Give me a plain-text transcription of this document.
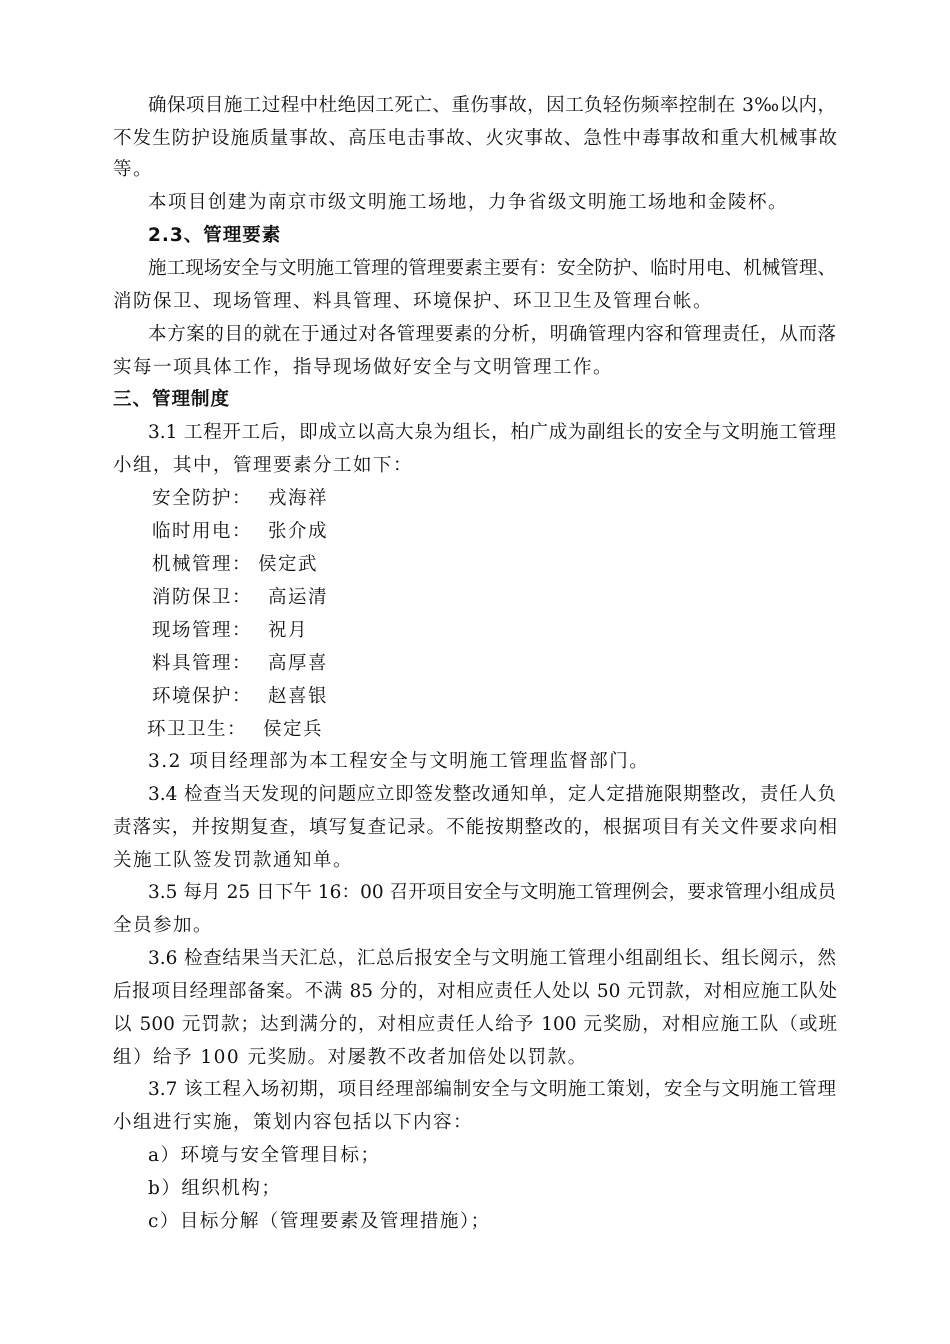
确保项目施工过程中杜绝因工死亡、重伤事故，因工负轻伤频率控制在 3‰以内，
不发生防护设施质量事故、高压电击事故、火灾事故、急性中毒事故和重大机械事故
等。
本项目创建为南京市级文明施工场地，力争省级文明施工场地和金陵杯。
2.3、管理要素
施工现场安全与文明施工管理的管理要素主要有：安全防护、临时用电、机械管理、
消防保卫、现场管理、料具管理、环境保护、环卫卫生及管理台帐。
本方案的目的就在于通过对各管理要素的分析，明确管理内容和管理责任，从而落
实每一项具体工作，指导现场做好安全与文明管理工作。
三、管理制度
3.1 工程开工后，即成立以高大泉为组长，柏广成为副组长的安全与文明施工管理
小组，其中，管理要素分工如下：
安全防护： 戎海祥
临时用电： 张介成
机械管理： 侯定武
消防保卫： 高运清
现场管理： 祝月
料具管理： 高厚喜
环境保护： 赵喜银
环卫卫生： 侯定兵
3.2 项目经理部为本工程安全与文明施工管理监督部门。
3.4 检查当天发现的问题应立即签发整改通知单，定人定措施限期整改，责任人负
责落实，并按期复查，填写复查记录。不能按期整改的，根据项目有关文件要求向相
关施工队签发罚款通知单。
3.5 每月 25 日下午 16：00 召开项目安全与文明施工管理例会，要求管理小组成员
全员参加。
3.6 检查结果当天汇总，汇总后报安全与文明施工管理小组副组长、组长阅示，然
后报项目经理部备案。不满 85 分的，对相应责任人处以 50 元罚款，对相应施工队处
以 500 元罚款；达到满分的，对相应责任人给予 100 元奖励，对相应施工队（或班
组）给予 100 元奖励。对屡教不改者加倍处以罚款。
3.7 该工程入场初期，项目经理部编制安全与文明施工策划，安全与文明施工管理
小组进行实施，策划内容包括以下内容：
a）环境与安全管理目标；
b）组织机构；
c）目标分解（管理要素及管理措施）；
